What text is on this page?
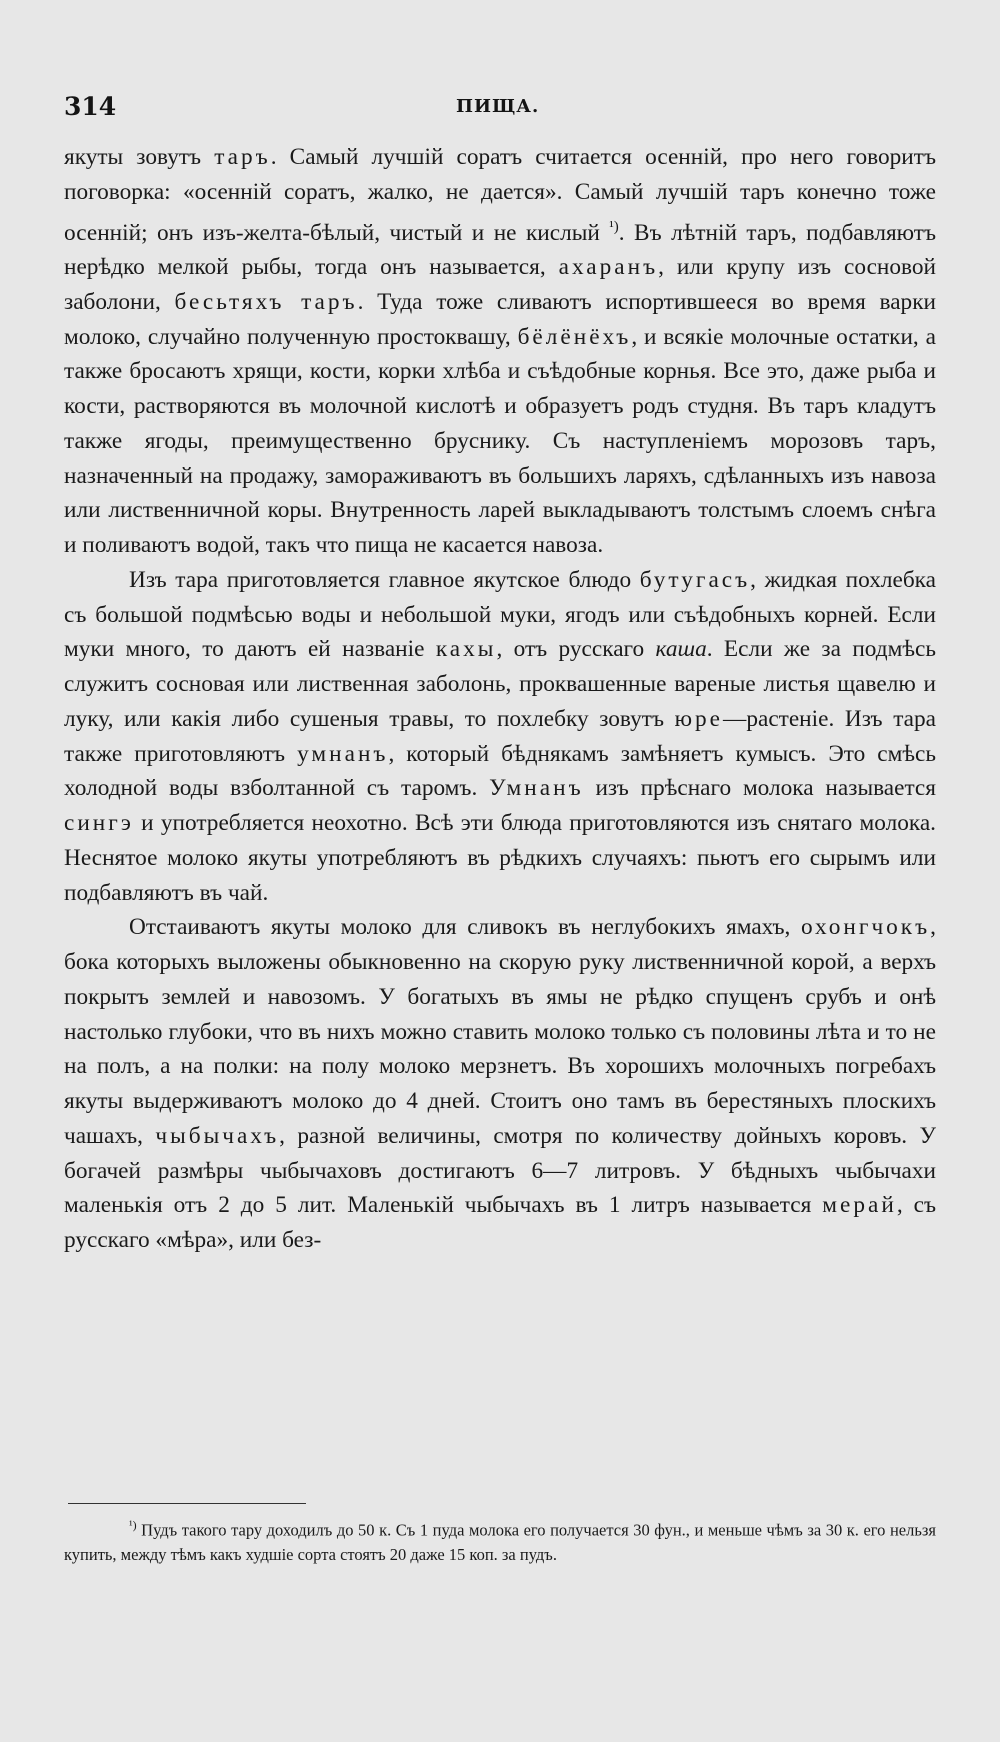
314	ПИЩА.

якуты зовутъ таръ. Самый лучшій соратъ считается осенній, про него говоритъ поговорка: «осенній соратъ, жалко, не дается». Самый лучшій таръ конечно тоже осенній; онъ изъ-желта-бѣлый, чистый и не кислый $^{^1)}$. Въ лѣтній таръ, подбавляютъ нерѣдко мелкой рыбы, тогда онъ называется, ахаранъ, или крупу изъ сосновой заболони, бесьтяхъ таръ. Туда тоже сливаютъ испортившееся во время варки молоко, случайно полученную простоквашу, бёлёнёхъ, и всякіе молочные остатки, а также бросаютъ хрящи, кости, корки хлѣба и съѣдобные корнья. Все это, даже рыба и кости, растворяются въ молочной кислотѣ и образуетъ родъ студня. Въ таръ кладутъ также ягоды, преимущественно бруснику. Съ наступленіемъ морозовъ таръ, назначенный на продажу, замораживаютъ въ большихъ ларяхъ, сдѣланныхъ изъ навоза или лиственничной коры. Внутренность ларей выкладываютъ толстымъ слоемъ снѣга и поливаютъ водой, такъ что пища не касается навоза.

Изъ тара приготовляется главное якутское блюдо бутугасъ, жидкая похлебка съ большой подмѣсью воды и небольшой муки, ягодъ или съѣдобныхъ корней. Если муки много, то даютъ ей названіе кахы, отъ русскаго каша. Если же за подмѣсь служитъ сосновая или лиственная заболонь, проквашенные вареные листья щавелю и луку, или какія либо сушеныя травы, то похлебку зовутъ юре—растеніе. Изъ тара также приготовляютъ умнанъ, который бѣднякамъ замѣняетъ кумысъ. Это смѣсь холодной воды взболтанной съ таромъ. Умнанъ изъ прѣснаго молока называется сингэ и употребляется неохотно. Всѣ эти блюда приготовляются изъ снятаго молока. Неснятое молоко якуты употребляютъ въ рѣдкихъ случаяхъ: пьютъ его сырымъ или подбавляютъ въ чай.

Отстаиваютъ якуты молоко для сливокъ въ неглубокихъ ямахъ, охонгчокъ, бока которыхъ выложены обыкновенно на скорую руку лиственничной корой, а верхъ покрытъ землей и навозомъ. У богатыхъ въ ямы не рѣдко спущенъ срубъ и онѣ настолько глубоки, что въ нихъ можно ставить молоко только съ половины лѣта и то не на полъ, а на полки: на полу молоко мерзнетъ. Въ хорошихъ молочныхъ погребахъ якуты выдерживаютъ молоко до 4 дней. Стоитъ оно тамъ въ берестяныхъ плоскихъ чашахъ, чыбычахъ, разной величины, смотря по количеству дойныхъ коровъ. У богачей размѣры чыбычаховъ достигаютъ 6—7 литровъ. У бѣдныхъ чыбычахи маленькія отъ 2 до 5 лит. Маленькій чыбычахъ въ 1 литръ называется мерай, съ русскаго «мѣра», или без-

$^{^1)}$ Пудъ такого тару доходилъ до 50 к. Съ 1 пуда молока его получается 30 фун., и меньше чѣмъ за 30 к. его нельзя купить, между тѣмъ какъ худшіе сорта стоятъ 20 даже 15 коп. за пудъ.
